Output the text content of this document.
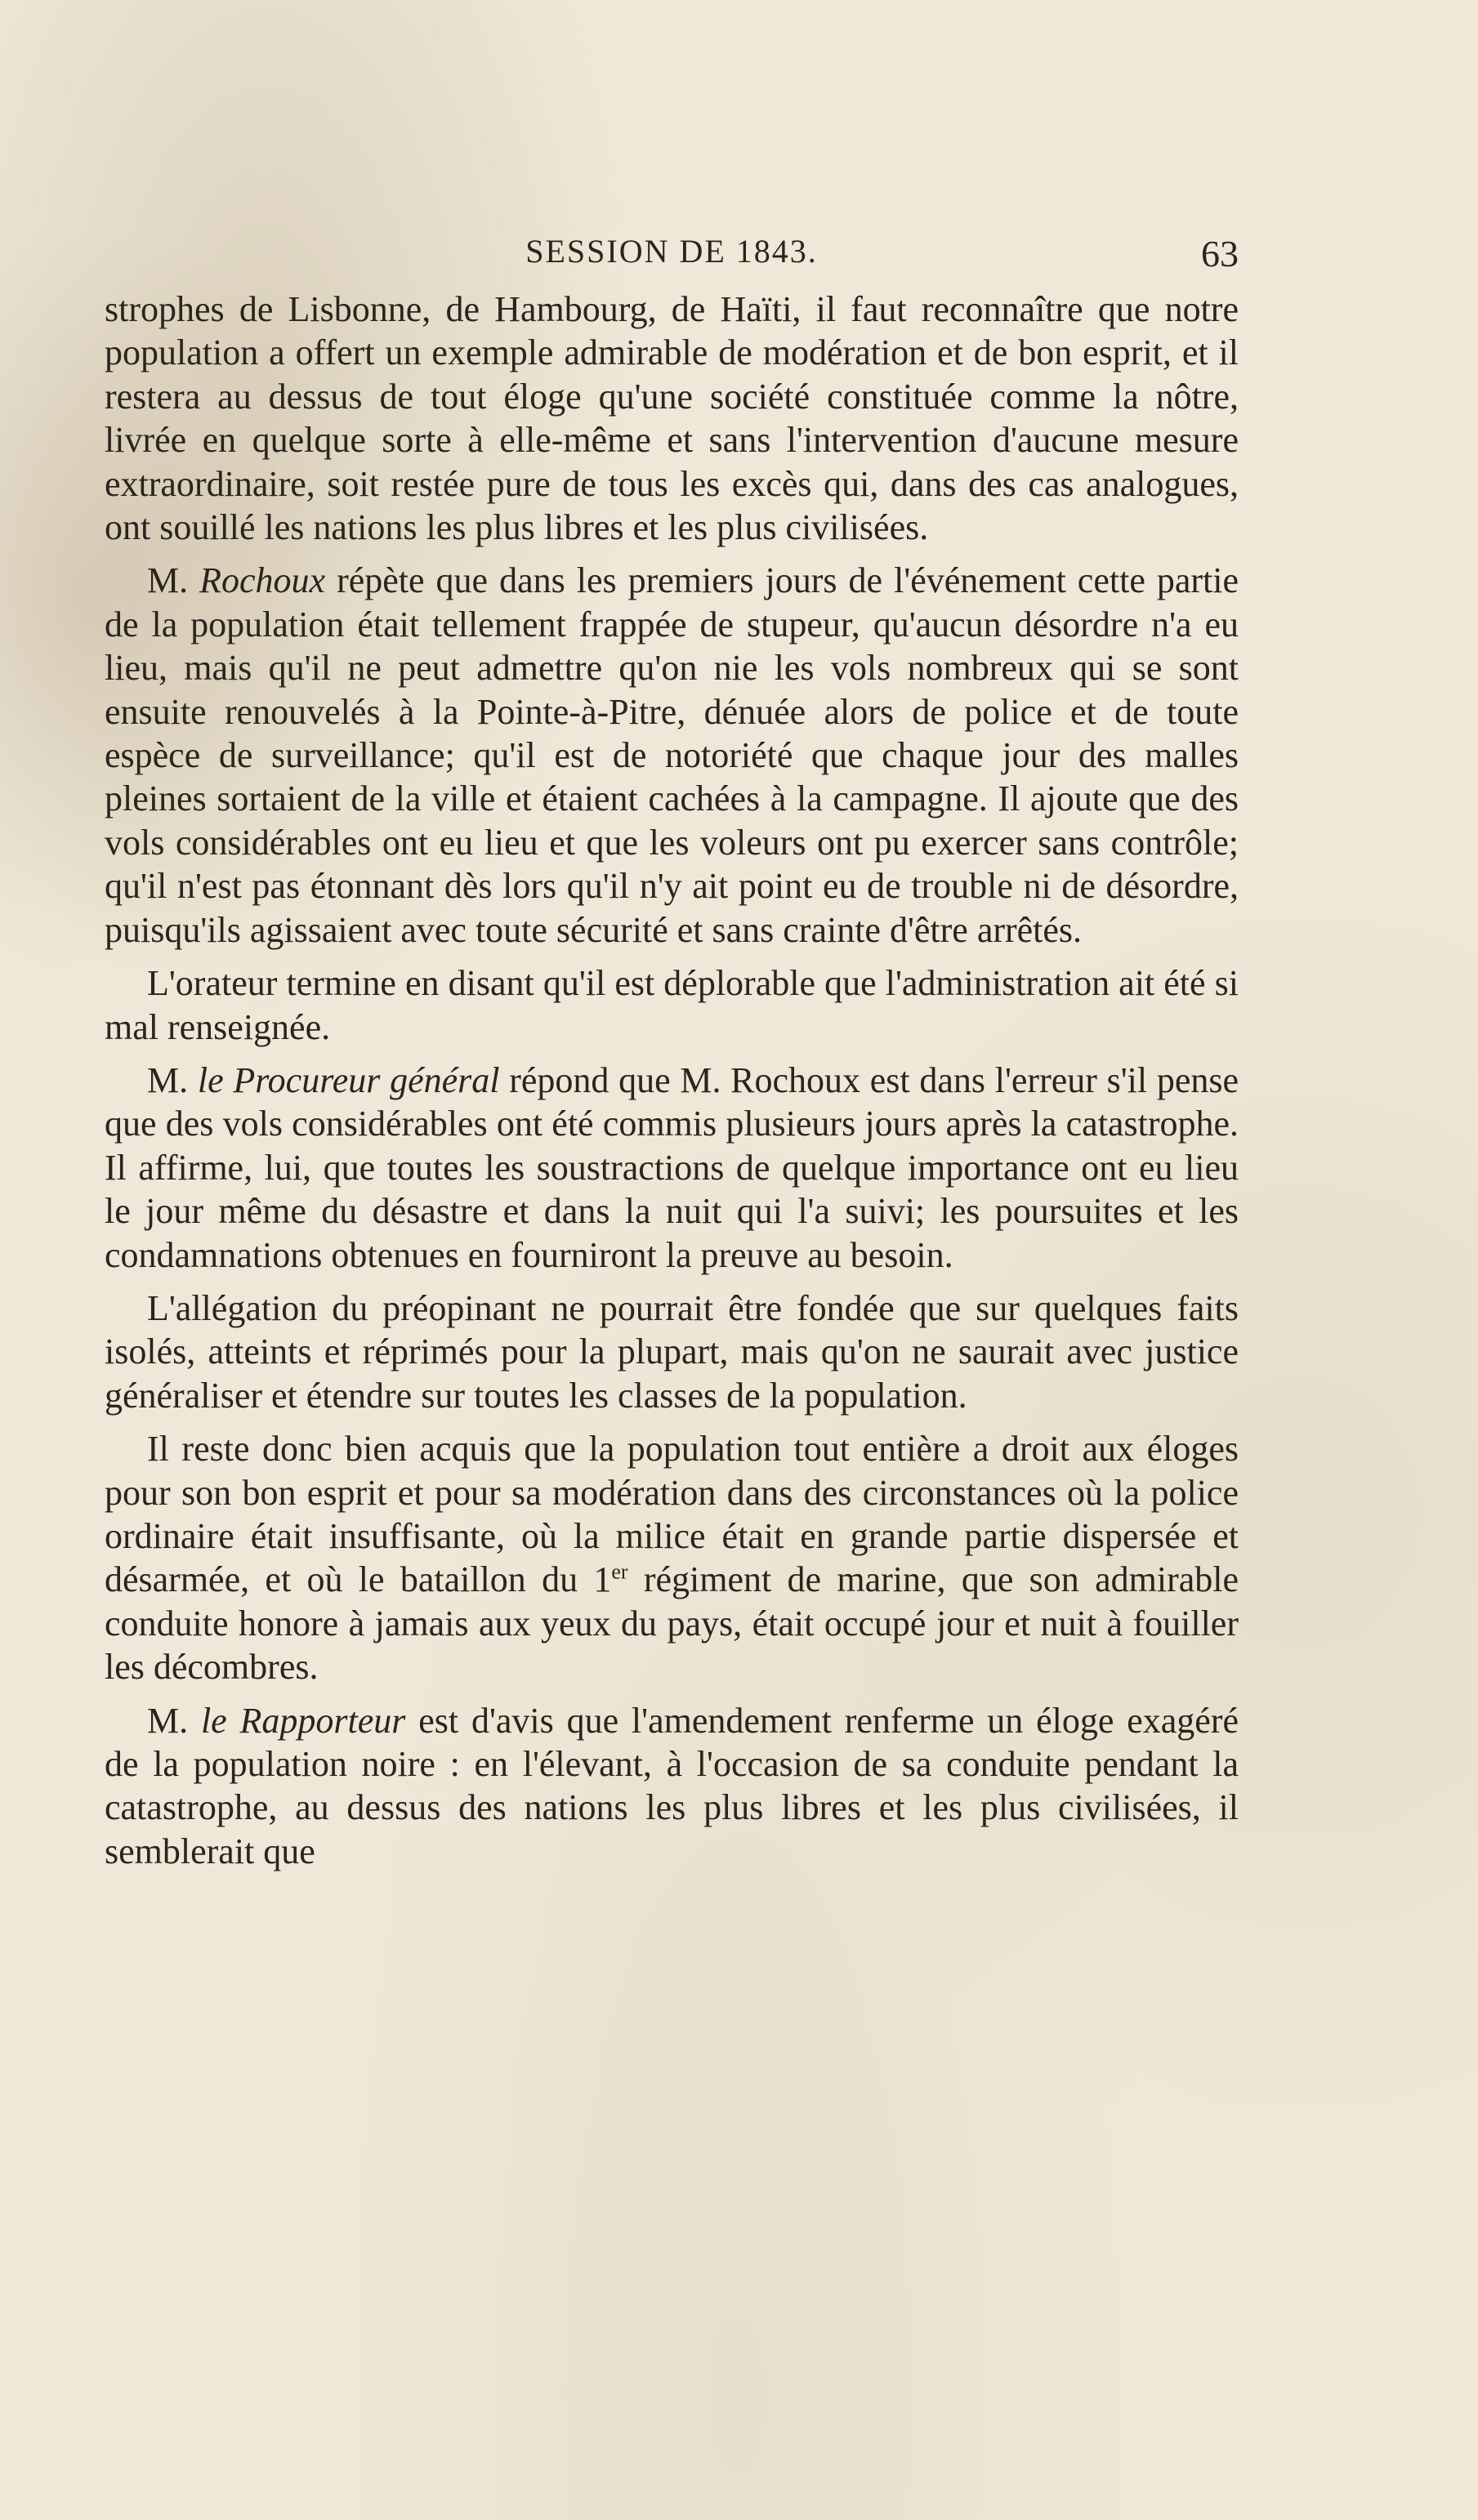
SESSION DE 1843.	63

strophes de Lisbonne, de Hambourg, de Haïti, il faut reconnaître que notre population a offert un exemple admirable de modération et de bon esprit, et il restera au dessus de tout éloge qu'une société constituée comme la nôtre, livrée en quelque sorte à elle-même et sans l'intervention d'aucune mesure extraordinaire, soit restée pure de tous les excès qui, dans des cas analogues, ont souillé les nations les plus libres et les plus civilisées.

M. Rochoux répète que dans les premiers jours de l'événement cette partie de la population était tellement frappée de stupeur, qu'aucun désordre n'a eu lieu, mais qu'il ne peut admettre qu'on nie les vols nombreux qui se sont ensuite renouvelés à la Pointe-à-Pitre, dénuée alors de police et de toute espèce de surveillance; qu'il est de notoriété que chaque jour des malles pleines sortaient de la ville et étaient cachées à la campagne. Il ajoute que des vols considérables ont eu lieu et que les voleurs ont pu exercer sans contrôle; qu'il n'est pas étonnant dès lors qu'il n'y ait point eu de trouble ni de désordre, puisqu'ils agissaient avec toute sécurité et sans crainte d'être arrêtés.

L'orateur termine en disant qu'il est déplorable que l'administration ait été si mal renseignée.

M. le Procureur général répond que M. Rochoux est dans l'erreur s'il pense que des vols considérables ont été commis plusieurs jours après la catastrophe. Il affirme, lui, que toutes les soustractions de quelque importance ont eu lieu le jour même du désastre et dans la nuit qui l'a suivi; les poursuites et les condamnations obtenues en fourniront la preuve au besoin.

L'allégation du préopinant ne pourrait être fondée que sur quelques faits isolés, atteints et réprimés pour la plupart, mais qu'on ne saurait avec justice généraliser et étendre sur toutes les classes de la population.

Il reste donc bien acquis que la population tout entière a droit aux éloges pour son bon esprit et pour sa modération dans des circonstances où la police ordinaire était insuffisante, où la milice était en grande partie dispersée et désarmée, et où le bataillon du 1er régiment de marine, que son admirable conduite honore à jamais aux yeux du pays, était occupé jour et nuit à fouiller les décombres.

M. le Rapporteur est d'avis que l'amendement renferme un éloge exagéré de la population noire : en l'élevant, à l'occasion de sa conduite pendant la catastrophe, au dessus des nations les plus libres et les plus civilisées, il semblerait que
